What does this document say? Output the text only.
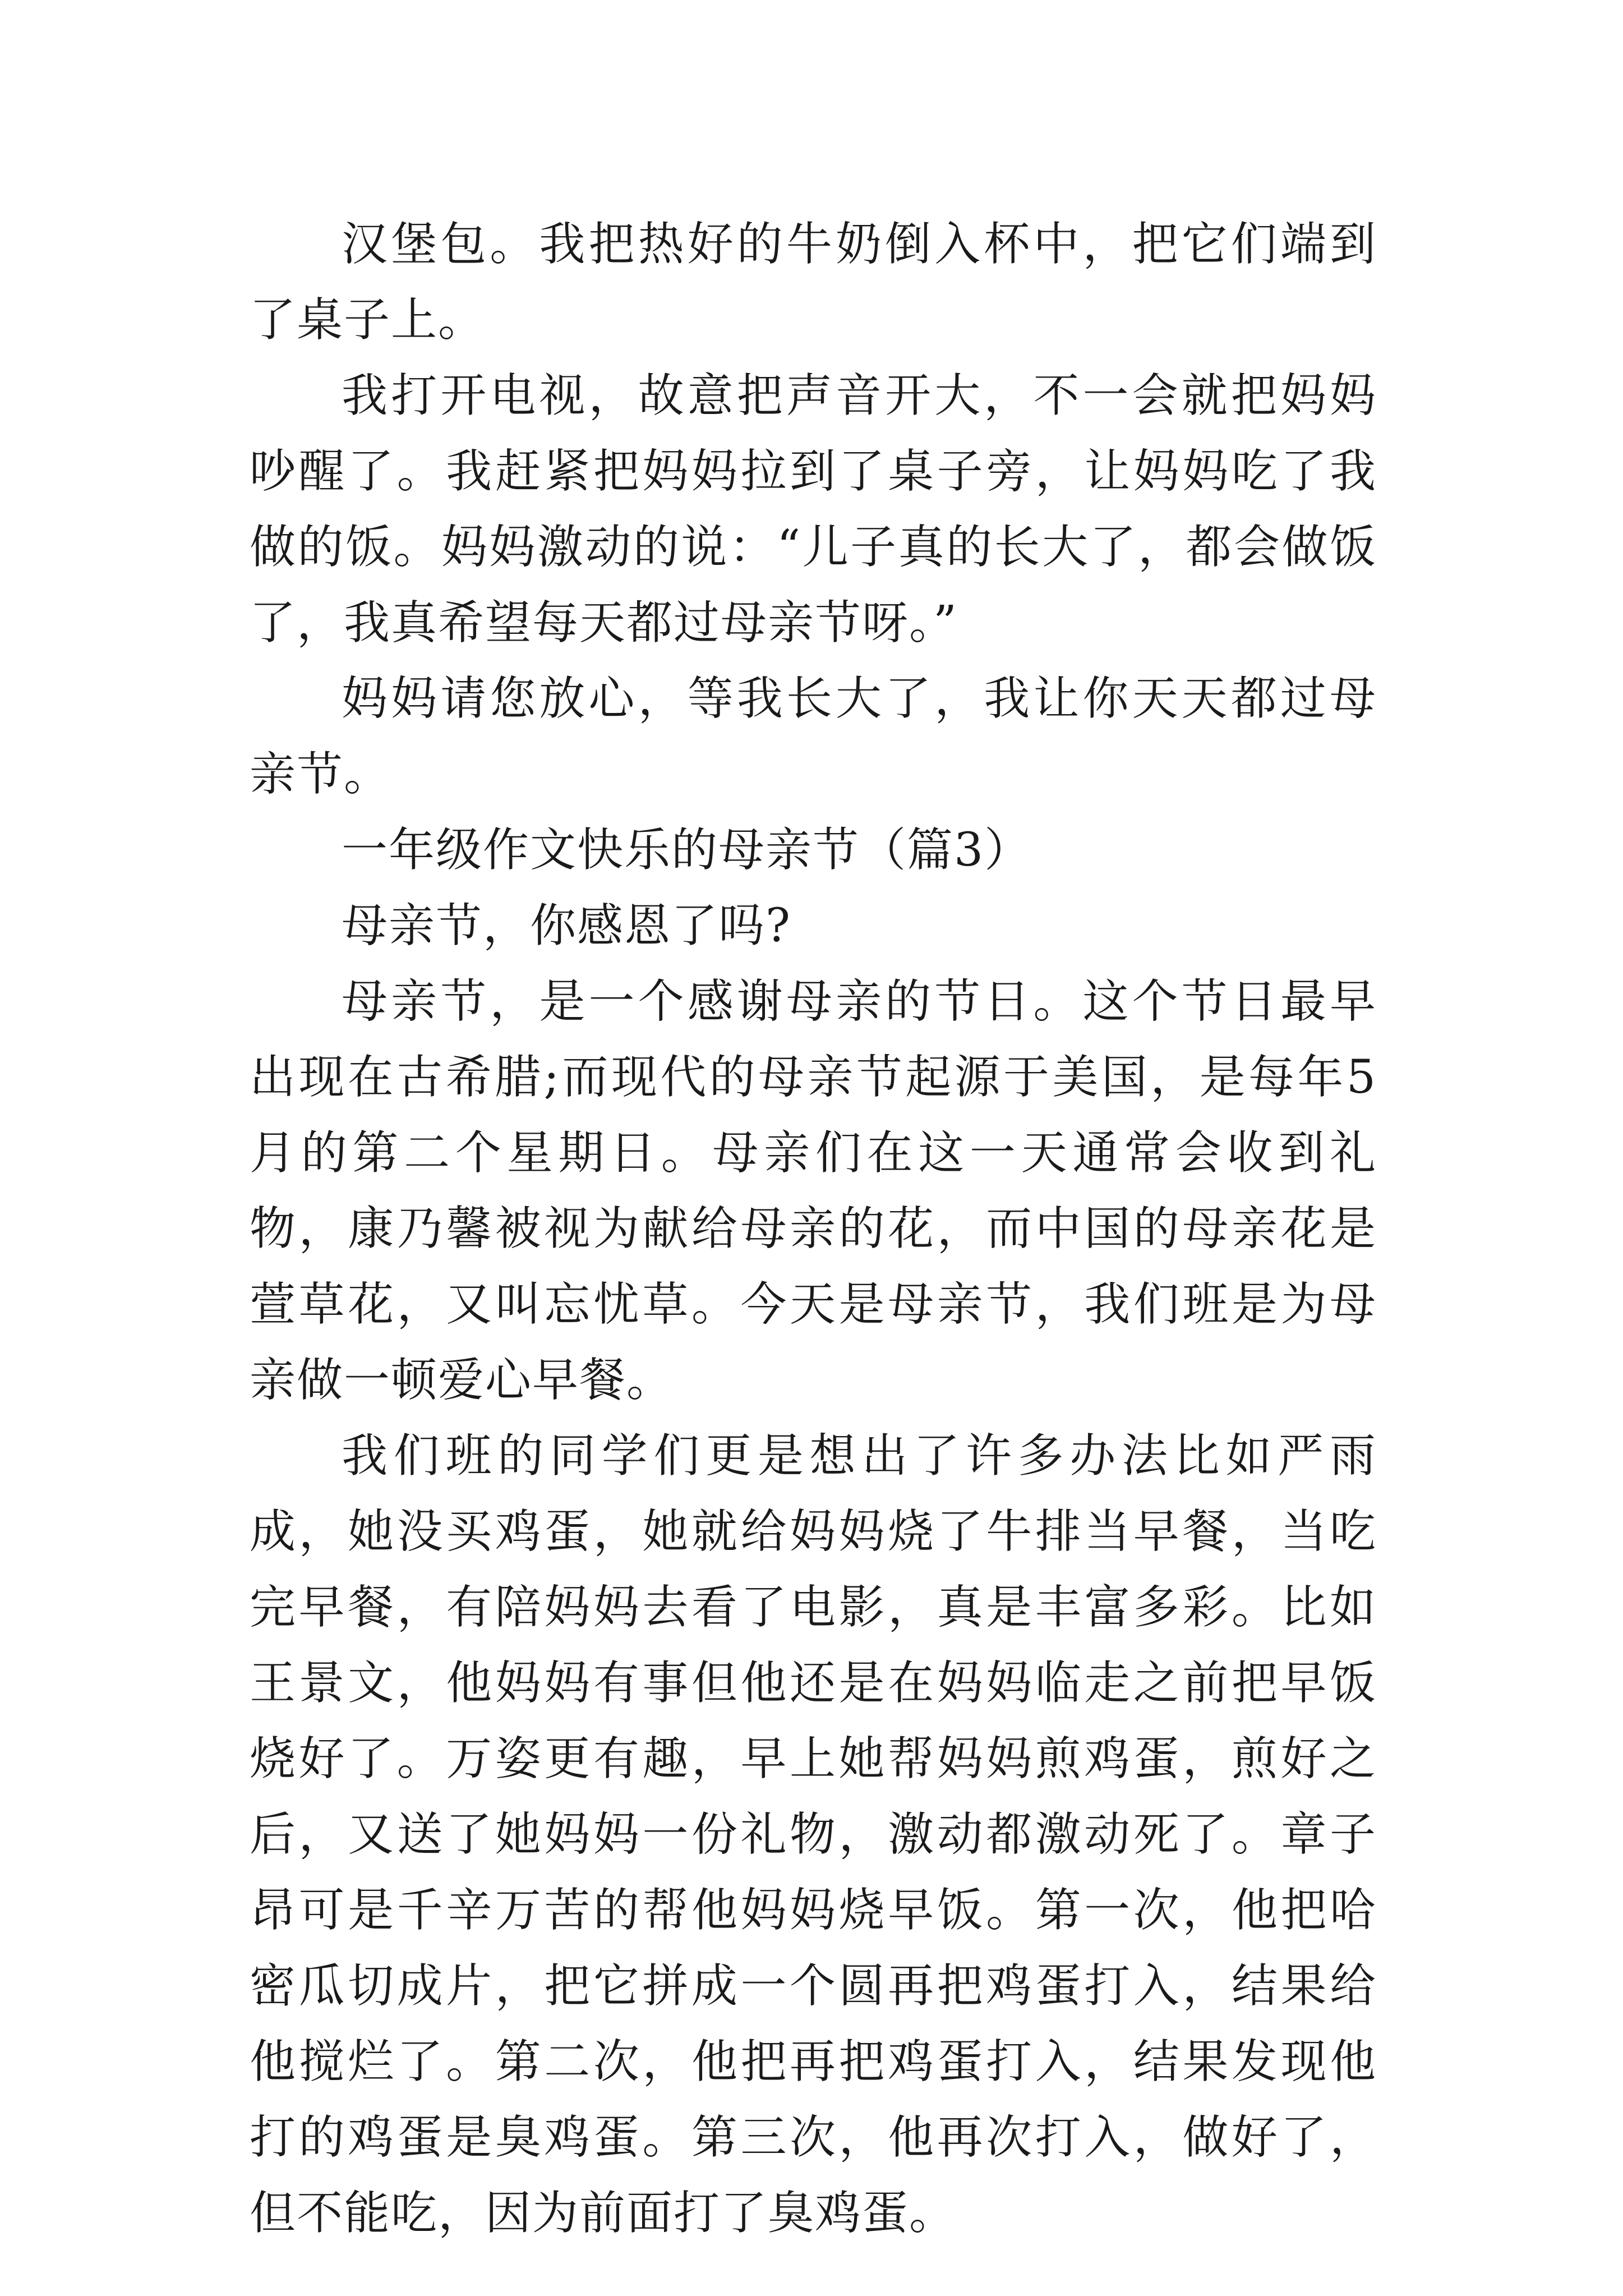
汉堡包。我把热好的牛奶倒入杯中，把它们端到了桌子上。

我打开电视，故意把声音开大，不一会就把妈妈吵醒了。我赶紧把妈妈拉到了桌子旁，让妈妈吃了我做的饭。妈妈激动的说：“儿子真的长大了，都会做饭了，我真希望每天都过母亲节呀。”

妈妈请您放心，等我长大了，我让你天天都过母亲节。

一年级作文快乐的母亲节（篇3）

母亲节，你感恩了吗?

母亲节，是一个感谢母亲的节日。这个节日最早出现在古希腊;而现代的母亲节起源于美国，是每年5月的第二个星期日。母亲们在这一天通常会收到礼物，康乃馨被视为献给母亲的花，而中国的母亲花是萱草花，又叫忘忧草。今天是母亲节，我们班是为母亲做一顿爱心早餐。

我们班的同学们更是想出了许多办法比如严雨成，她没买鸡蛋，她就给妈妈烧了牛排当早餐，当吃完早餐，有陪妈妈去看了电影，真是丰富多彩。比如王景文，他妈妈有事但他还是在妈妈临走之前把早饭烧好了。万姿更有趣，早上她帮妈妈煎鸡蛋，煎好之后，又送了她妈妈一份礼物，激动都激动死了。章子昂可是千辛万苦的帮他妈妈烧早饭。第一次，他把哈密瓜切成片，把它拼成一个圆再把鸡蛋打入，结果给他搅烂了。第二次，他把再把鸡蛋打入，结果发现他打的鸡蛋是臭鸡蛋。第三次，他再次打入，做好了，但不能吃，因为前面打了臭鸡蛋。
